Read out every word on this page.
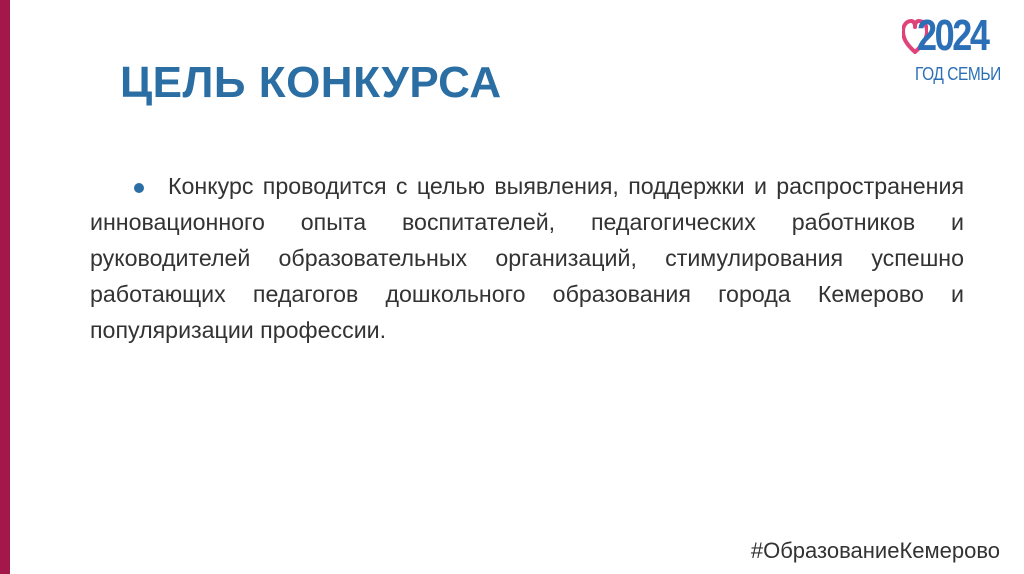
ЦЕЛЬ КОНКУРСА
2024
ГОД СЕМЬИ

Конкурс проводится с целью выявления, поддержки и распространения инновационного опыта воспитателей, педагогических работников и руководителей образовательных организаций, стимулирования успешно работающих педагогов дошкольного образования города Кемерово и популяризации профессии.

#ОбразованиеКемерово
